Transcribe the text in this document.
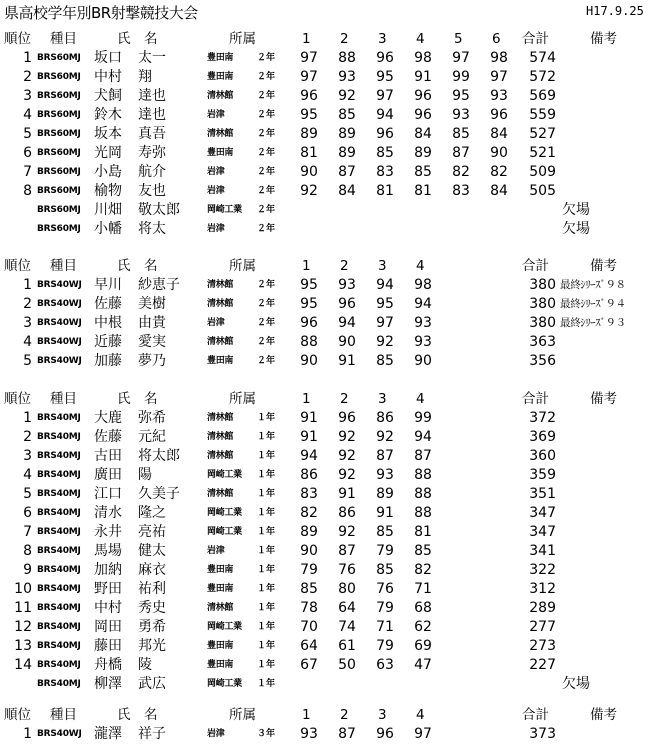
県高校学年別BR射撃競技大会	H17.9.25
順位 種目	氏　名	所属	合計	備考
1 2 3 4 5 6
1 BRS60MJ 坂口 太一	豊田南	２年 97 88 96 98 97 98	574
2 BRS60MJ 中村 翔	豊田南	２年 97 93 95 91 99 97	572
3 BRS60MJ 犬飼 達也	清林館	２年 96 92 97 96 95 93	569
4 BRS60MJ 鈴木 達也	岩津	２年 95 85 94 96 93 96	559
5 BRS60MJ 坂本 真吾	清林館	２年 89 89 96 84 85 84	527
6 BRS60MJ 光岡 寿弥	豊田南	２年 81 89 85 89 87 90	521
7 BRS60MJ 小島 航介	岩津	２年 90 87 83 85 82 82	509
8 BRS60MJ 榆物 友也	岩津	２年 92 84 81 81 83 84	505
BRS60MJ 川畑 敬太郎	岡崎工業	２年	欠場
BRS60MJ 小幡 将太	岩津	２年	欠場
順位 種目	氏　名	所属	合計	備考
1 2 3 4
1 BRS40WJ 早川 紗恵子	清林館	２年 95 93 94 98	380 最終ｼﾘｰｽﾞ９８
2 BRS40WJ 佐藤 美樹	清林館	２年 95 96 95 94	380 最終ｼﾘｰｽﾞ９４
3 BRS40WJ 中根 由貴	岩津	２年 96 94 97 93	380 最終ｼﾘｰｽﾞ９３
4 BRS40WJ 近藤 愛実	清林館	２年 88 90 92 93	363
5 BRS40WJ 加藤 夢乃	豊田南	２年 90 91 85 90	356
順位 種目	氏　名	所属	合計	備考
1 2 3 4
1 BRS40MJ 大鹿 弥希	清林館	１年 91 96 86 99	372
2 BRS40MJ 佐藤 元紀	清林館	１年 91 92 92 94	369
3 BRS40MJ 古田 将太郎	清林館	１年 94 92 87 87	360
4 BRS40MJ 廣田 陽	岡崎工業	１年 86 92 93 88	359
5 BRS40MJ 江口 久美子	清林館	１年 83 91 89 88	351
6 BRS40MJ 清水 隆之	岡崎工業	１年 82 86 91 88	347
7 BRS40MJ 永井 亮祐	岡崎工業	１年 89 92 85 81	347
8 BRS40MJ 馬場 健太	岩津	１年 90 87 79 85	341
9 BRS40MJ 加納 麻衣	豊田南	１年 79 76 85 82	322
10 BRS40MJ 野田 祐利	豊田南	１年 85 80 76 71	312
11 BRS40MJ 中村 秀史	清林館	１年 78 64 79 68	289
12 BRS40MJ 岡田 勇希	岡崎工業	１年 70 74 71 62	277
13 BRS40MJ 藤田 邦光	豊田南	１年 64 61 79 69	273
14 BRS40MJ 舟橋 陵	豊田南	１年 67 50 63 47	227
BRS40MJ 柳澤 武広	岡崎工業	１年	欠場
順位 種目	氏　名	所属	合計	備考
1 2 3 4
1 BRS40WJ 瀧澤 祥子	岩津	３年 93 87 96 97	373
